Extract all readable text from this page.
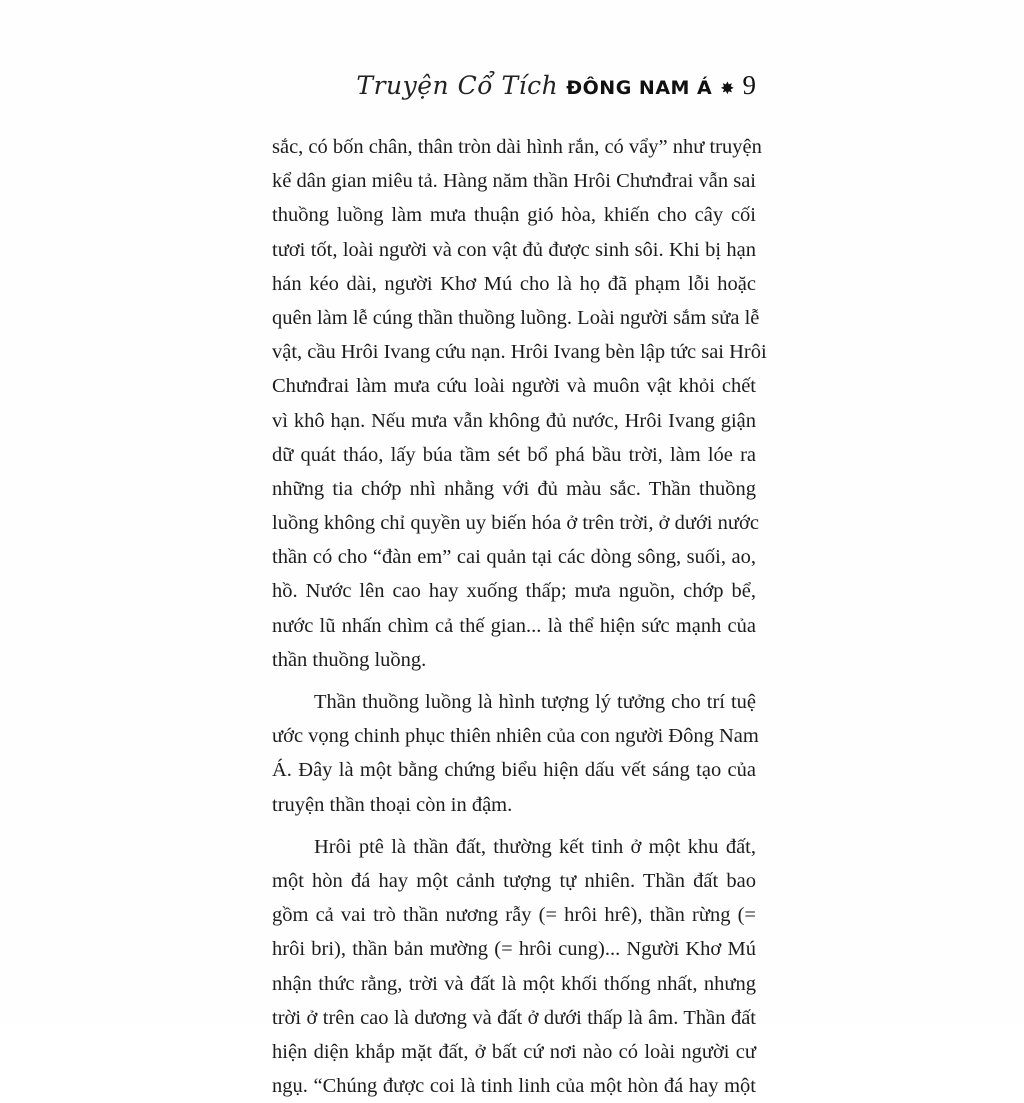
Truyện Cổ Tích ĐÔNG NAM Á ✸ 9
sắc, có bốn chân, thân tròn dài hình rắn, có vẩy” như truyện
kể dân gian miêu tả. Hàng năm thần Hrôi Chưnđrai vẫn sai
thuồng luồng làm mưa thuận gió hòa, khiến cho cây cối
tươi tốt, loài người và con vật đủ được sinh sôi. Khi bị hạn
hán kéo dài, người Khơ Mú cho là họ đã phạm lỗi hoặc
quên làm lễ cúng thần thuồng luồng. Loài người sắm sửa lễ
vật, cầu Hrôi Ivang cứu nạn. Hrôi Ivang bèn lập tức sai Hrôi
Chưnđrai làm mưa cứu loài người và muôn vật khỏi chết
vì khô hạn. Nếu mưa vẫn không đủ nước, Hrôi Ivang giận
dữ quát tháo, lấy búa tầm sét bổ phá bầu trời, làm lóe ra
những tia chớp nhì nhằng với đủ màu sắc. Thần thuồng
luồng không chỉ quyền uy biến hóa ở trên trời, ở dưới nước
thần có cho “đàn em” cai quản tại các dòng sông, suối, ao,
hồ. Nước lên cao hay xuống thấp; mưa nguồn, chớp bể,
nước lũ nhấn chìm cả thế gian... là thể hiện sức mạnh của
thần thuồng luồng.
Thần thuồng luồng là hình tượng lý tưởng cho trí tuệ
ước vọng chinh phục thiên nhiên của con người Đông Nam
Á. Đây là một bằng chứng biểu hiện dấu vết sáng tạo của
truyện thần thoại còn in đậm.
Hrôi ptê là thần đất, thường kết tinh ở một khu đất,
một hòn đá hay một cảnh tượng tự nhiên. Thần đất bao
gồm cả vai trò thần nương rẫy (= hrôi hrê), thần rừng (=
hrôi bri), thần bản mường (= hrôi cung)... Người Khơ Mú
nhận thức rằng, trời và đất là một khối thống nhất, nhưng
trời ở trên cao là dương và đất ở dưới thấp là âm. Thần đất
hiện diện khắp mặt đất, ở bất cứ nơi nào có loài người cư
ngụ. “Chúng được coi là tinh linh của một hòn đá hay một
